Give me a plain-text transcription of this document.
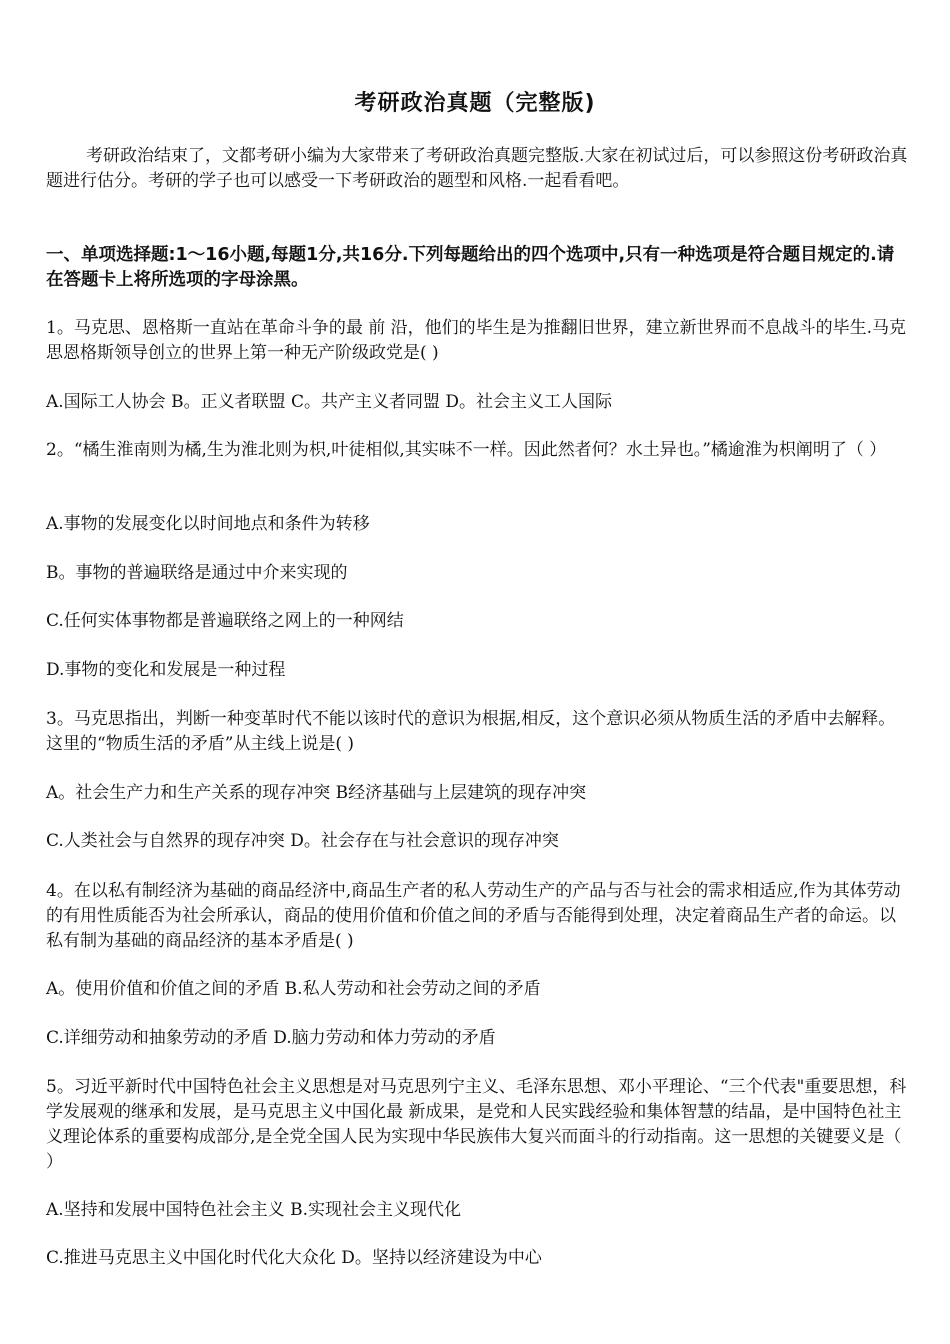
考研政治真题（完整版)
考研政治结束了，文都考研小编为大家带来了考研政治真题完整版.大家在初试过后，可以参照这份考研政治真题进行估分。考研的学子也可以感受一下考研政治的题型和风格.一起看看吧。
一、单项选择题:1～16小题,每题1分,共16分.下列每题给出的四个选项中,只有一种选项是符合题目规定的.请在答题卡上将所选项的字母涂黑。
1。马克思、恩格斯一直站在革命斗争的最 前 沿，他们的毕生是为推翻旧世界，建立新世界而不息战斗的毕生.马克思恩格斯领导创立的世界上第一种无产阶级政党是( )
A.国际工人协会 B。正义者联盟 C。共产主义者同盟 D。社会主义工人国际
2。“橘生淮南则为橘,生为淮北则为枳,叶徒相似,其实味不一样。因此然者何？水土异也。”橘逾淮为枳阐明了（ ）
A.事物的发展变化以时间地点和条件为转移
B。事物的普遍联络是通过中介来实现的
C.任何实体事物都是普遍联络之网上的一种网结
D.事物的变化和发展是一种过程
3。马克思指出，判断一种变革时代不能以该时代的意识为根据,相反，这个意识必须从物质生活的矛盾中去解释。这里的“物质生活的矛盾”从主线上说是( )
A。社会生产力和生产关系的现存冲突 B经济基础与上层建筑的现存冲突
C.人类社会与自然界的现存冲突 D。社会存在与社会意识的现存冲突
4。在以私有制经济为基础的商品经济中,商品生产者的私人劳动生产的产品与否与社会的需求相适应,作为其体劳动的有用性质能否为社会所承认，商品的使用价值和价值之间的矛盾与否能得到处理，决定着商品生产者的命运。以私有制为基础的商品经济的基本矛盾是( )
A。使用价值和价值之间的矛盾 B.私人劳动和社会劳动之间的矛盾
C.详细劳动和抽象劳动的矛盾 D.脑力劳动和体力劳动的矛盾
5。习近平新时代中国特色社会主义思想是对马克思列宁主义、毛泽东思想、邓小平理论、“三个代表"重要思想，科学发展观的继承和发展，是马克思主义中国化最 新成果，是党和人民实践经验和集体智慧的结晶，是中国特色社主义理论体系的重要构成部分,是全党全国人民为实现中华民族伟大复兴而面斗的行动指南。这一思想的关键要义是（ ）
A.坚持和发展中国特色社会主义 B.实现社会主义现代化
C.推进马克思主义中国化时代化大众化 D。坚持以经济建设为中心
